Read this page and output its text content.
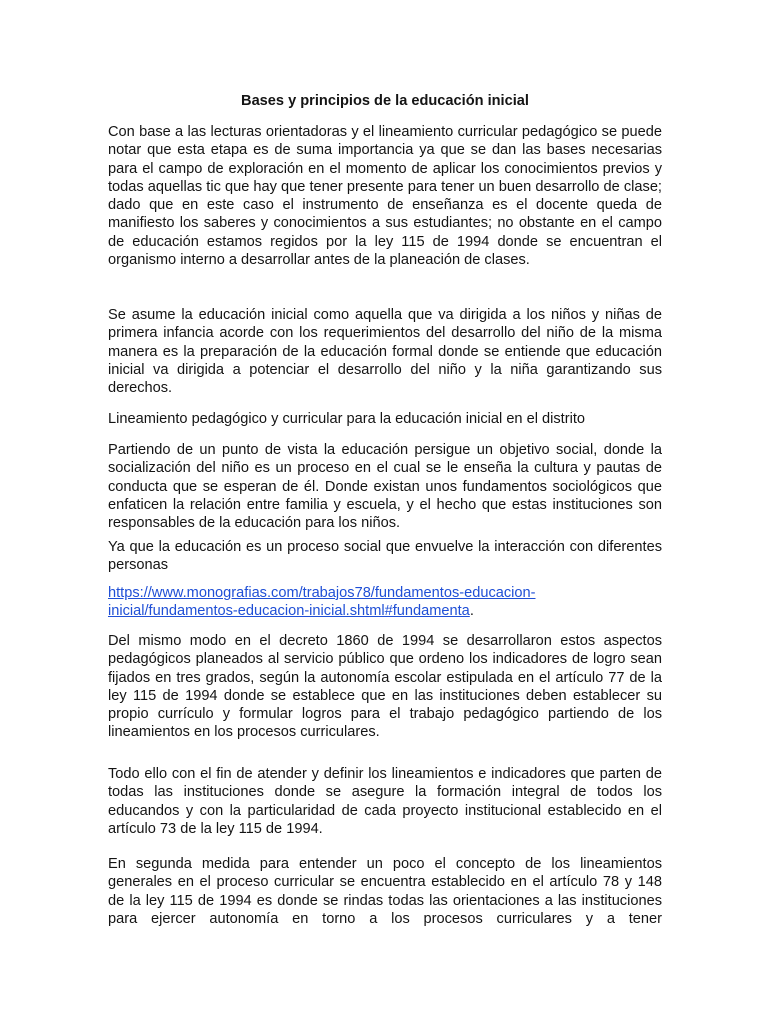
Bases y principios de la educación inicial

Con base a las lecturas orientadoras y el lineamiento curricular pedagógico se puede notar que esta etapa es de suma importancia ya que se dan las bases necesarias para el campo de exploración en el momento de aplicar los conocimientos previos y todas aquellas tic que hay que tener presente para tener un buen desarrollo de clase; dado que en este caso el instrumento de enseñanza es el docente queda de manifiesto los saberes y conocimientos a sus estudiantes; no obstante en el campo de educación estamos regidos por la ley 115 de 1994 donde se encuentran el organismo interno a desarrollar antes de la planeación de clases.

Se asume la educación inicial como aquella que va dirigida a los niños y niñas de primera infancia acorde con los requerimientos del desarrollo del niño de la misma manera es la preparación de la educación formal donde se entiende que educación inicial va dirigida a potenciar el desarrollo del niño y la niña garantizando sus derechos.

Lineamiento pedagógico y curricular para la educación inicial en el distrito

Partiendo de un punto de vista la educación persigue un objetivo social, donde la socialización del niño es un proceso en el cual se le enseña la cultura y pautas de conducta que se esperan de él. Donde existan unos fundamentos sociológicos que enfaticen la relación entre familia y escuela, y el hecho que estas instituciones son responsables de la educación para los niños.

Ya que la educación es un proceso social que envuelve la interacción con diferentes personas

https://www.monografias.com/trabajos78/fundamentos-educacion-inicial/fundamentos-educacion-inicial.shtml#fundamenta.

Del mismo modo en el decreto 1860 de 1994 se desarrollaron estos aspectos pedagógicos planeados al servicio público que ordeno los indicadores de logro sean fijados en tres grados, según la autonomía escolar estipulada en el artículo 77 de la ley 115 de 1994 donde se establece que en las instituciones deben establecer su propio currículo y formular logros para el trabajo pedagógico partiendo de los lineamientos en los procesos curriculares.

Todo ello con el fin de atender y definir los lineamientos e indicadores que parten de todas las instituciones donde se asegure la formación integral de todos los educandos y con la particularidad de cada proyecto institucional establecido en el artículo 73 de la ley 115 de 1994.

En segunda medida para entender un poco el concepto de los lineamientos generales en el proceso curricular se encuentra establecido en el artículo 78 y 148 de la ley 115 de 1994 es donde se rindas todas las orientaciones a las instituciones para ejercer autonomía en torno a los procesos curriculares y a tener
